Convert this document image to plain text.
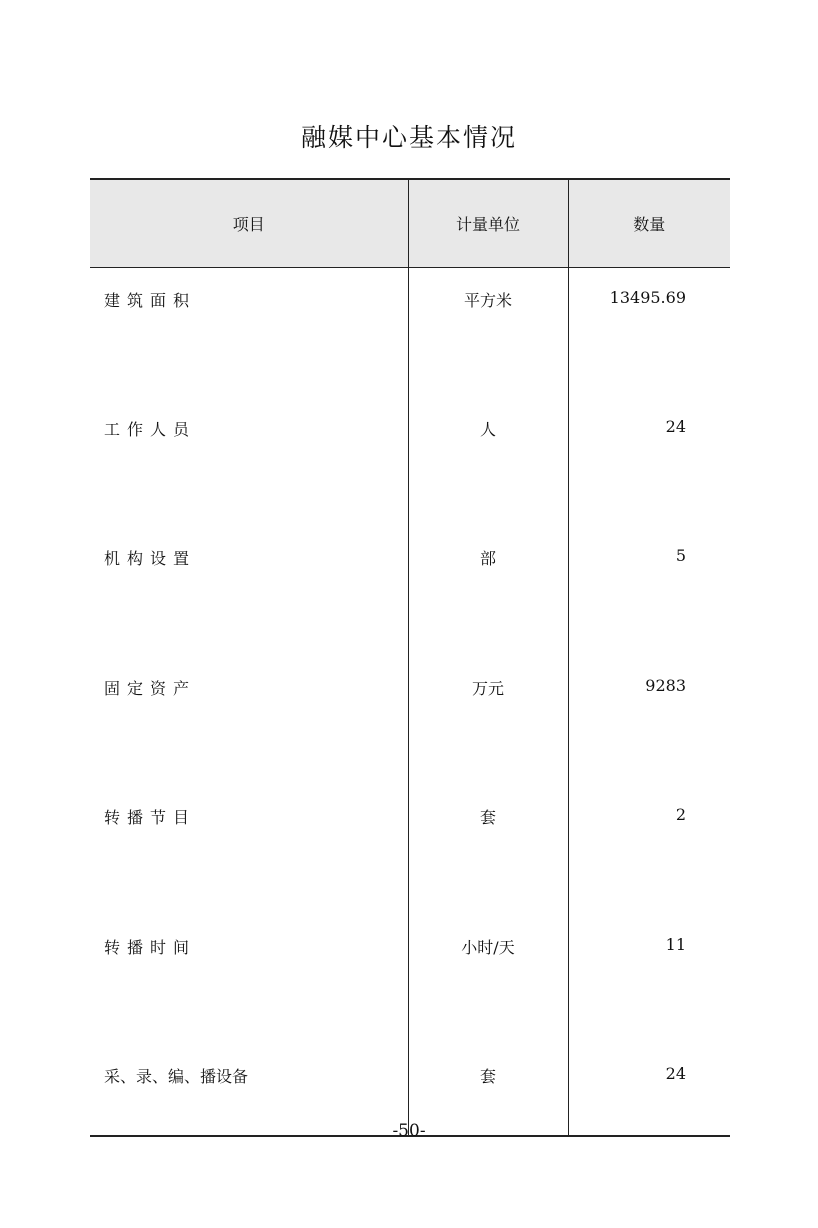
融媒中心基本情况
项目	计量单位	数量
建筑面积	平方米	13495.69
工作人员	人	24
机构设置	部	5
固定资产	万元	9283
转播节目	套	2
转播时间	小时/天	11
采、录、编、播设备	套	24
-50-
